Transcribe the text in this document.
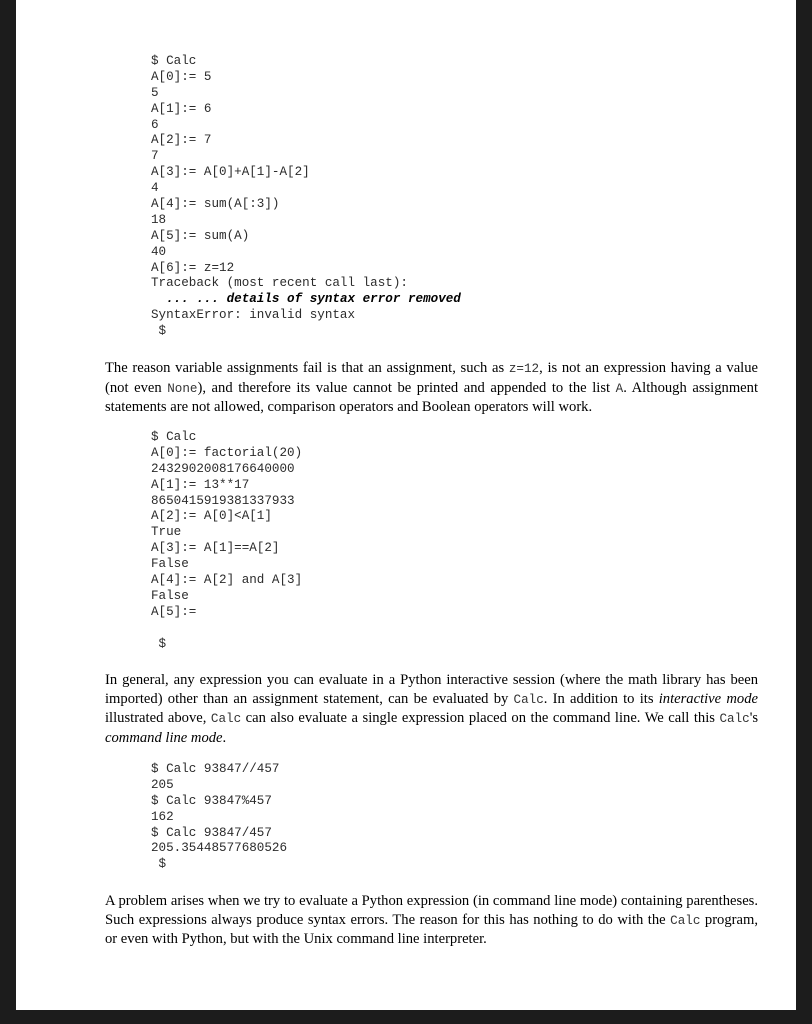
$ Calc
A[0]:= 5
5
A[1]:= 6
6
A[2]:= 7
7
A[3]:= A[0]+A[1]-A[2]
4
A[4]:= sum(A[:3])
18
A[5]:= sum(A)
40
A[6]:= z=12
Traceback (most recent call last):
... ... details of syntax error removed
SyntaxError: invalid syntax
$

The reason variable assignments fail is that an assignment, such as z=12, is not an expression having a value (not even None), and therefore its value cannot be printed and appended to the list A. Although assignment statements are not allowed, comparison operators and Boolean operators will work.

$ Calc
A[0]:= factorial(20)
2432902008176640000
A[1]:= 13**17
8650415919381337933
A[2]:= A[0]<A[1]
True
A[3]:= A[1]==A[2]
False
A[4]:= A[2] and A[3]
False
A[5]:=
$

In general, any expression you can evaluate in a Python interactive session (where the math library has been imported) other than an assignment statement, can be evaluated by Calc. In addition to its interactive mode illustrated above, Calc can also evaluate a single expression placed on the command line. We call this Calc's command line mode.

$ Calc 93847//457
205
$ Calc 93847%457
162
$ Calc 93847/457
205.35448577680526
$

A problem arises when we try to evaluate a Python expression (in command line mode) containing parentheses. Such expressions always produce syntax errors. The reason for this has nothing to do with the Calc program, or even with Python, but with the Unix command line interpreter.
